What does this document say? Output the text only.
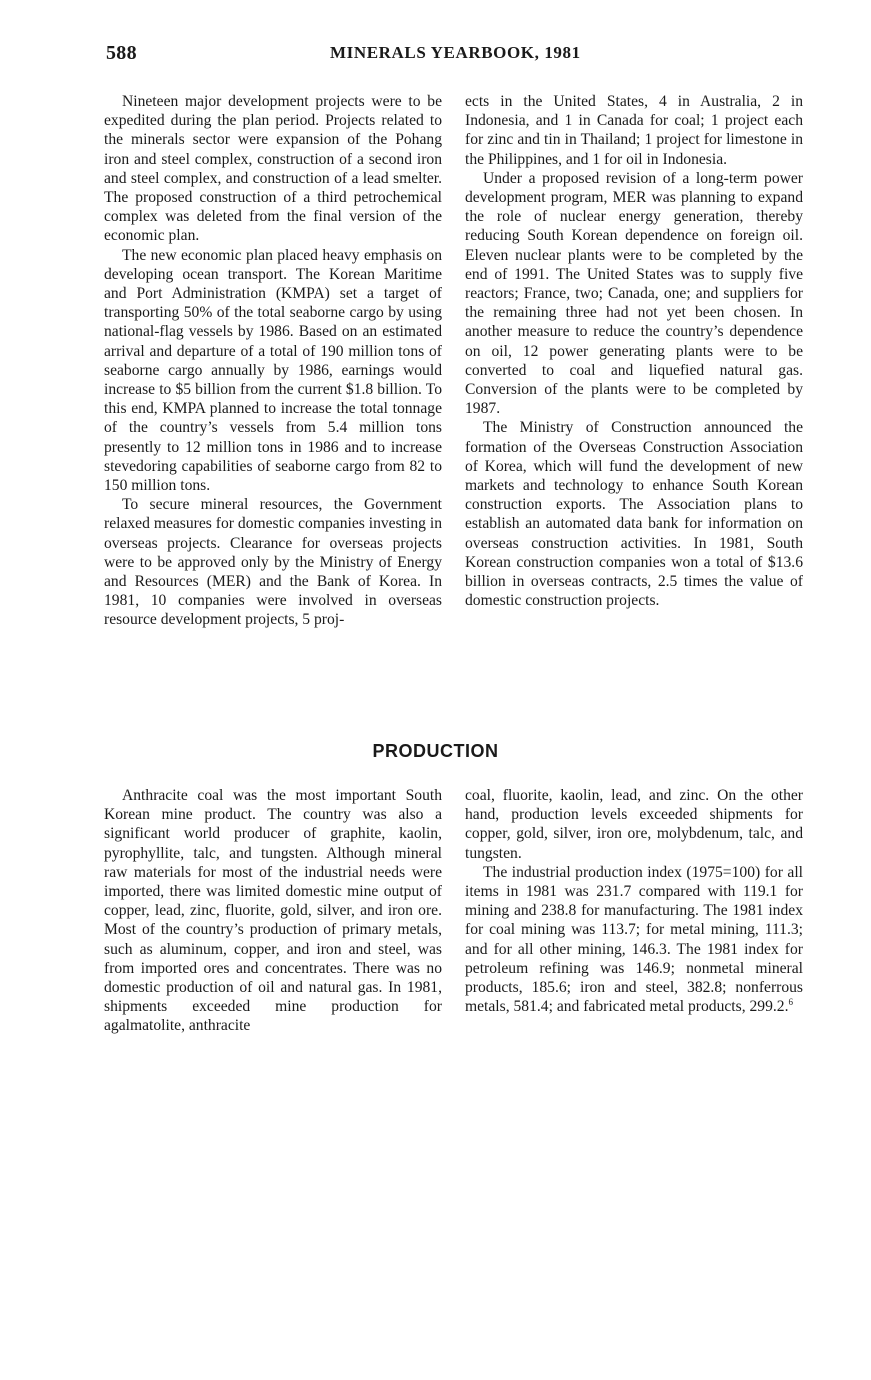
588	MINERALS YEARBOOK, 1981

Nineteen major development projects were to be expedited during the plan period. Projects related to the minerals sector were expansion of the Pohang iron and steel complex, construction of a second iron and steel complex, and construction of a lead smelter. The proposed construction of a third petrochemical complex was deleted from the final version of the economic plan.

The new economic plan placed heavy emphasis on developing ocean transport. The Korean Maritime and Port Administration (KMPA) set a target of transporting 50% of the total seaborne cargo by using national-flag vessels by 1986. Based on an estimated arrival and departure of a total of 190 million tons of seaborne cargo annually by 1986, earnings would increase to $5 billion from the current $1.8 billion. To this end, KMPA planned to increase the total tonnage of the country’s vessels from 5.4 million tons presently to 12 million tons in 1986 and to increase stevedoring capabilities of seaborne cargo from 82 to 150 million tons.

To secure mineral resources, the Government relaxed measures for domestic companies investing in overseas projects. Clearance for overseas projects were to be approved only by the Ministry of Energy and Resources (MER) and the Bank of Korea. In 1981, 10 companies were involved in overseas resource development projects, 5 proj-

ects in the United States, 4 in Australia, 2 in Indonesia, and 1 in Canada for coal; 1 project each for zinc and tin in Thailand; 1 project for limestone in the Philippines, and 1 for oil in Indonesia.

Under a proposed revision of a long-term power development program, MER was planning to expand the role of nuclear energy generation, thereby reducing South Korean dependence on foreign oil. Eleven nuclear plants were to be completed by the end of 1991. The United States was to supply five reactors; France, two; Canada, one; and suppliers for the remaining three had not yet been chosen. In another measure to reduce the country’s dependence on oil, 12 power generating plants were to be converted to coal and liquefied natural gas. Conversion of the plants were to be completed by 1987.

The Ministry of Construction announced the formation of the Overseas Construction Association of Korea, which will fund the development of new markets and technology to enhance South Korean construction exports. The Association plans to establish an automated data bank for information on overseas construction activities. In 1981, South Korean construction companies won a total of $13.6 billion in overseas contracts, 2.5 times the value of domestic construction projects.

PRODUCTION

Anthracite coal was the most important South Korean mine product. The country was also a significant world producer of graphite, kaolin, pyrophyllite, talc, and tungsten. Although mineral raw materials for most of the industrial needs were imported, there was limited domestic mine output of copper, lead, zinc, fluorite, gold, silver, and iron ore. Most of the country’s production of primary metals, such as aluminum, copper, and iron and steel, was from imported ores and concentrates. There was no domestic production of oil and natural gas. In 1981, shipments exceeded mine production for agalmatolite, anthracite

coal, fluorite, kaolin, lead, and zinc. On the other hand, production levels exceeded shipments for copper, gold, silver, iron ore, molybdenum, talc, and tungsten.

The industrial production index (1975=100) for all items in 1981 was 231.7 compared with 119.1 for mining and 238.8 for manufacturing. The 1981 index for coal mining was 113.7; for metal mining, 111.3; and for all other mining, 146.3. The 1981 index for petroleum refining was 146.9; nonmetal mineral products, 185.6; iron and steel, 382.8; nonferrous metals, 581.4; and fabricated metal products, 299.2.$^6$
